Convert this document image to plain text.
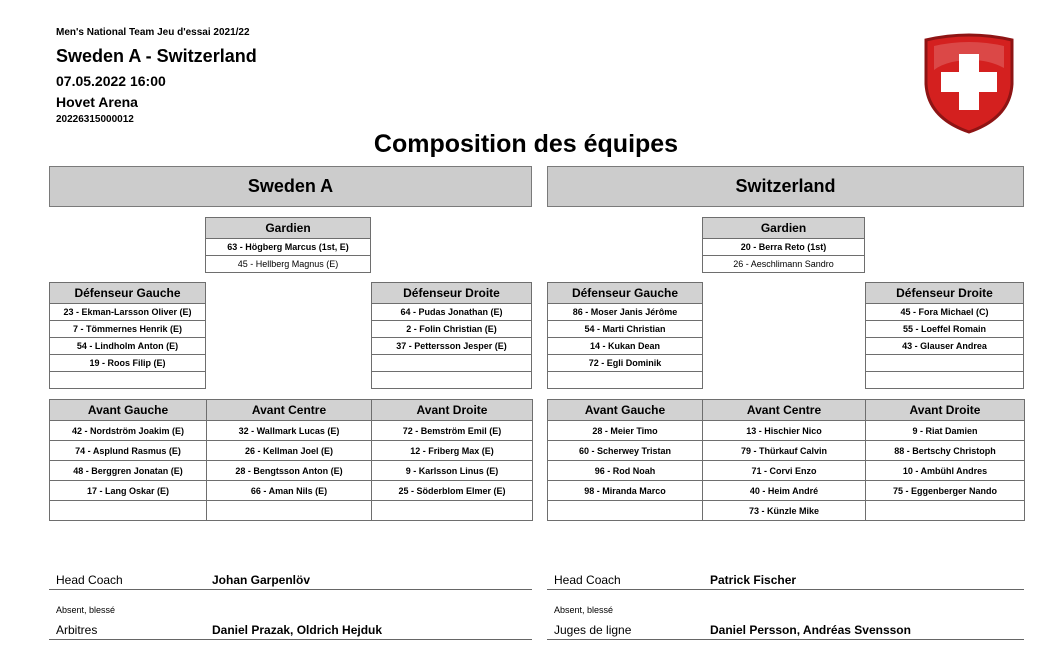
Men's National Team Jeu d'essai 2021/22
Sweden A - Switzerland
07.05.2022 16:00
Hovet Arena
20226315000012
Composition des équipes
Sweden A	Switzerland
Gardien
63 - Högberg Marcus (1st, E)
45 - Hellberg Magnus (E)
Défenseur Gauche
23 - Ekman-Larsson Oliver (E)
7 - Tömmernes Henrik (E)
54 - Lindholm Anton (E)
19 - Roos Filip (E)

Défenseur Droite
64 - Pudas Jonathan (E)
2 - Folin Christian (E)
37 - Pettersson Jesper (E)

Avant Gauche	Avant Centre	Avant Droite
42 - Nordström Joakim (E)	32 - Wallmark Lucas (E)	72 - Bemström Emil (E)
74 - Asplund Rasmus (E)	26 - Kellman Joel (E)	12 - Friberg Max (E)
48 - Berggren Jonatan (E)	28 - Bengtsson Anton (E)	9 - Karlsson Linus (E)
17 - Lang Oskar (E)	66 - Aman Nils (E)	25 - Söderblom Elmer (E)

Gardien
20 - Berra Reto (1st)
26 - Aeschlimann Sandro
Défenseur Gauche
86 - Moser Janis Jérôme
54 - Marti Christian
14 - Kukan Dean
72 - Egli Dominik

Défenseur Droite
45 - Fora Michael (C)
55 - Loeffel Romain
43 - Glauser Andrea

Avant Gauche	Avant Centre	Avant Droite
28 - Meier Timo	13 - Hischier Nico	9 - Riat Damien
60 - Scherwey Tristan	79 - Thürkauf Calvin	88 - Bertschy Christoph
96 - Rod Noah	71 - Corvi Enzo	10 - Ambühl Andres
98 - Miranda Marco	40 - Heim André	75 - Eggenberger Nando
	73 - Künzle Mike	
Head Coach	Johan Garpenlöv
Absent, blessé
Arbitres	Daniel Prazak, Oldrich Hejduk
Head Coach	Patrick Fischer
Absent, blessé
Juges de ligne	Daniel Persson, Andréas Svensson
